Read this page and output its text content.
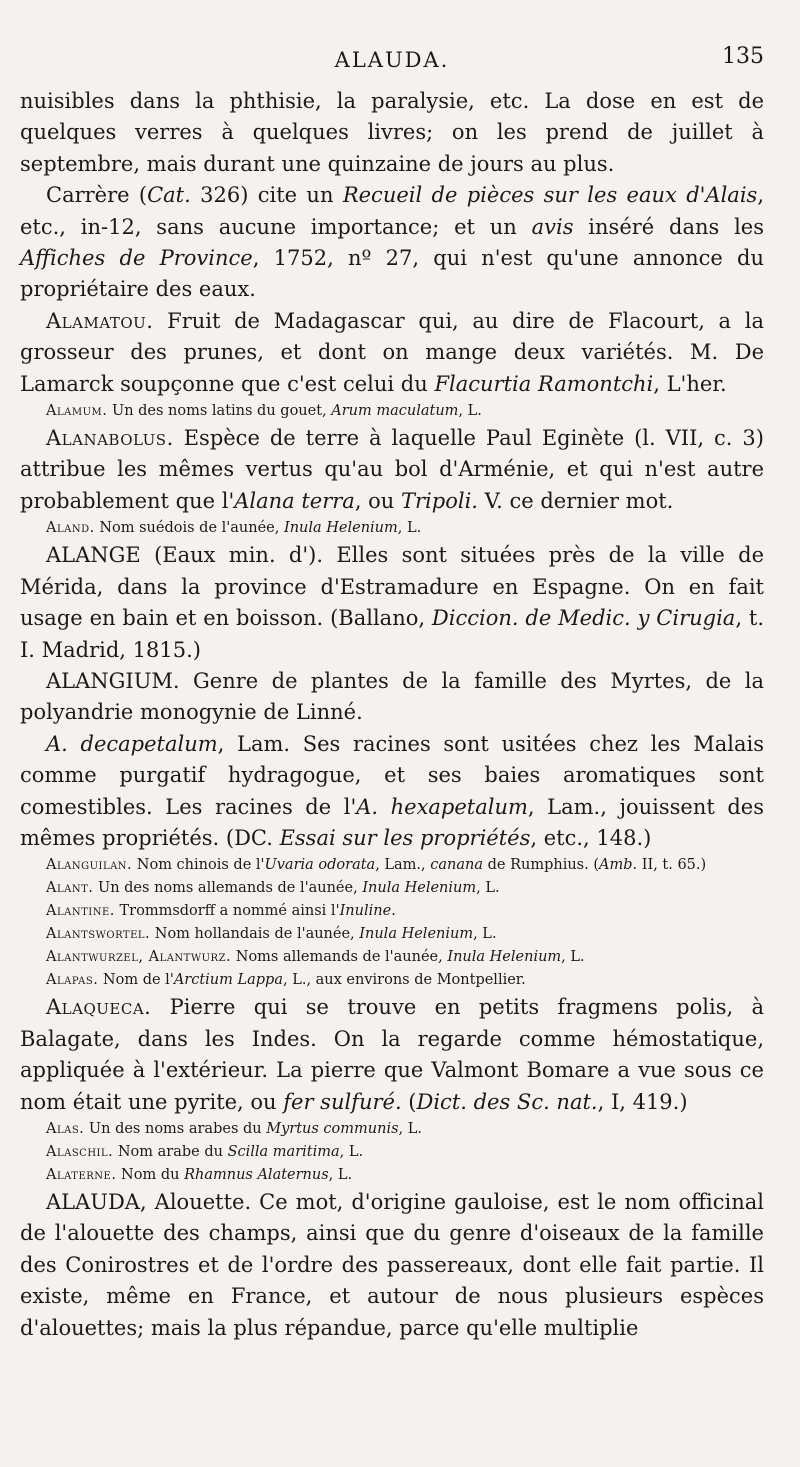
ALAUDA.	135

nuisibles dans la phthisie, la paralysie, etc. La dose en est de quelques verres à quelques livres; on les prend de juillet à septembre, mais durant une quinzaine de jours au plus.

Carrère (Cat. 326) cite un Recueil de pièces sur les eaux d'Alais, etc., in-12, sans aucune importance; et un avis inséré dans les Affiches de Province, 1752, nº 27, qui n'est qu'une annonce du propriétaire des eaux.

Alamatou. Fruit de Madagascar qui, au dire de Flacourt, a la grosseur des prunes, et dont on mange deux variétés. M. De Lamarck soupçonne que c'est celui du Flacurtia Ramontchi, L'her.

Alamum. Un des noms latins du gouet, Arum maculatum, L.

Alanabolus. Espèce de terre à laquelle Paul Eginète (l. VII, c. 3) attribue les mêmes vertus qu'au bol d'Arménie, et qui n'est autre probablement que l'Alana terra, ou Tripoli. V. ce dernier mot.

Aland. Nom suédois de l'aunée, Inula Helenium, L.

ALANGE (Eaux min. d'). Elles sont situées près de la ville de Mérida, dans la province d'Estramadure en Espagne. On en fait usage en bain et en boisson. (Ballano, Diccion. de Medic. y Cirugia, t. I. Madrid, 1815.)

ALANGIUM. Genre de plantes de la famille des Myrtes, de la polyandrie monogynie de Linné.

A. decapetalum, Lam. Ses racines sont usitées chez les Malais comme purgatif hydragogue, et ses baies aromatiques sont comestibles. Les racines de l'A. hexapetalum, Lam., jouissent des mêmes propriétés. (DC. Essai sur les propriétés, etc., 148.)

Alanguilan. Nom chinois de l'Uvaria odorata, Lam., canana de Rumphius. (Amb. II, t. 65.)

Alant. Un des noms allemands de l'aunée, Inula Helenium, L.

Alantine. Trommsdorff a nommé ainsi l'Inuline.

Alantswortel. Nom hollandais de l'aunée, Inula Helenium, L.

Alantwurzel, Alantwurz. Noms allemands de l'aunée, Inula Helenium, L.

Alapas. Nom de l'Arctium Lappa, L., aux environs de Montpellier.

Alaqueca. Pierre qui se trouve en petits fragmens polis, à Balagate, dans les Indes. On la regarde comme hémostatique, appliquée à l'extérieur. La pierre que Valmont Bomare a vue sous ce nom était une pyrite, ou fer sulfuré. (Dict. des Sc. nat., I, 419.)

Alas. Un des noms arabes du Myrtus communis, L.

Alaschil. Nom arabe du Scilla maritima, L.

Alaterne. Nom du Rhamnus Alaternus, L.

ALAUDA, Alouette. Ce mot, d'origine gauloise, est le nom officinal de l'alouette des champs, ainsi que du genre d'oiseaux de la famille des Conirostres et de l'ordre des passereaux, dont elle fait partie. Il existe, même en France, et autour de nous plusieurs espèces d'alouettes; mais la plus répandue, parce qu'elle multiplie
